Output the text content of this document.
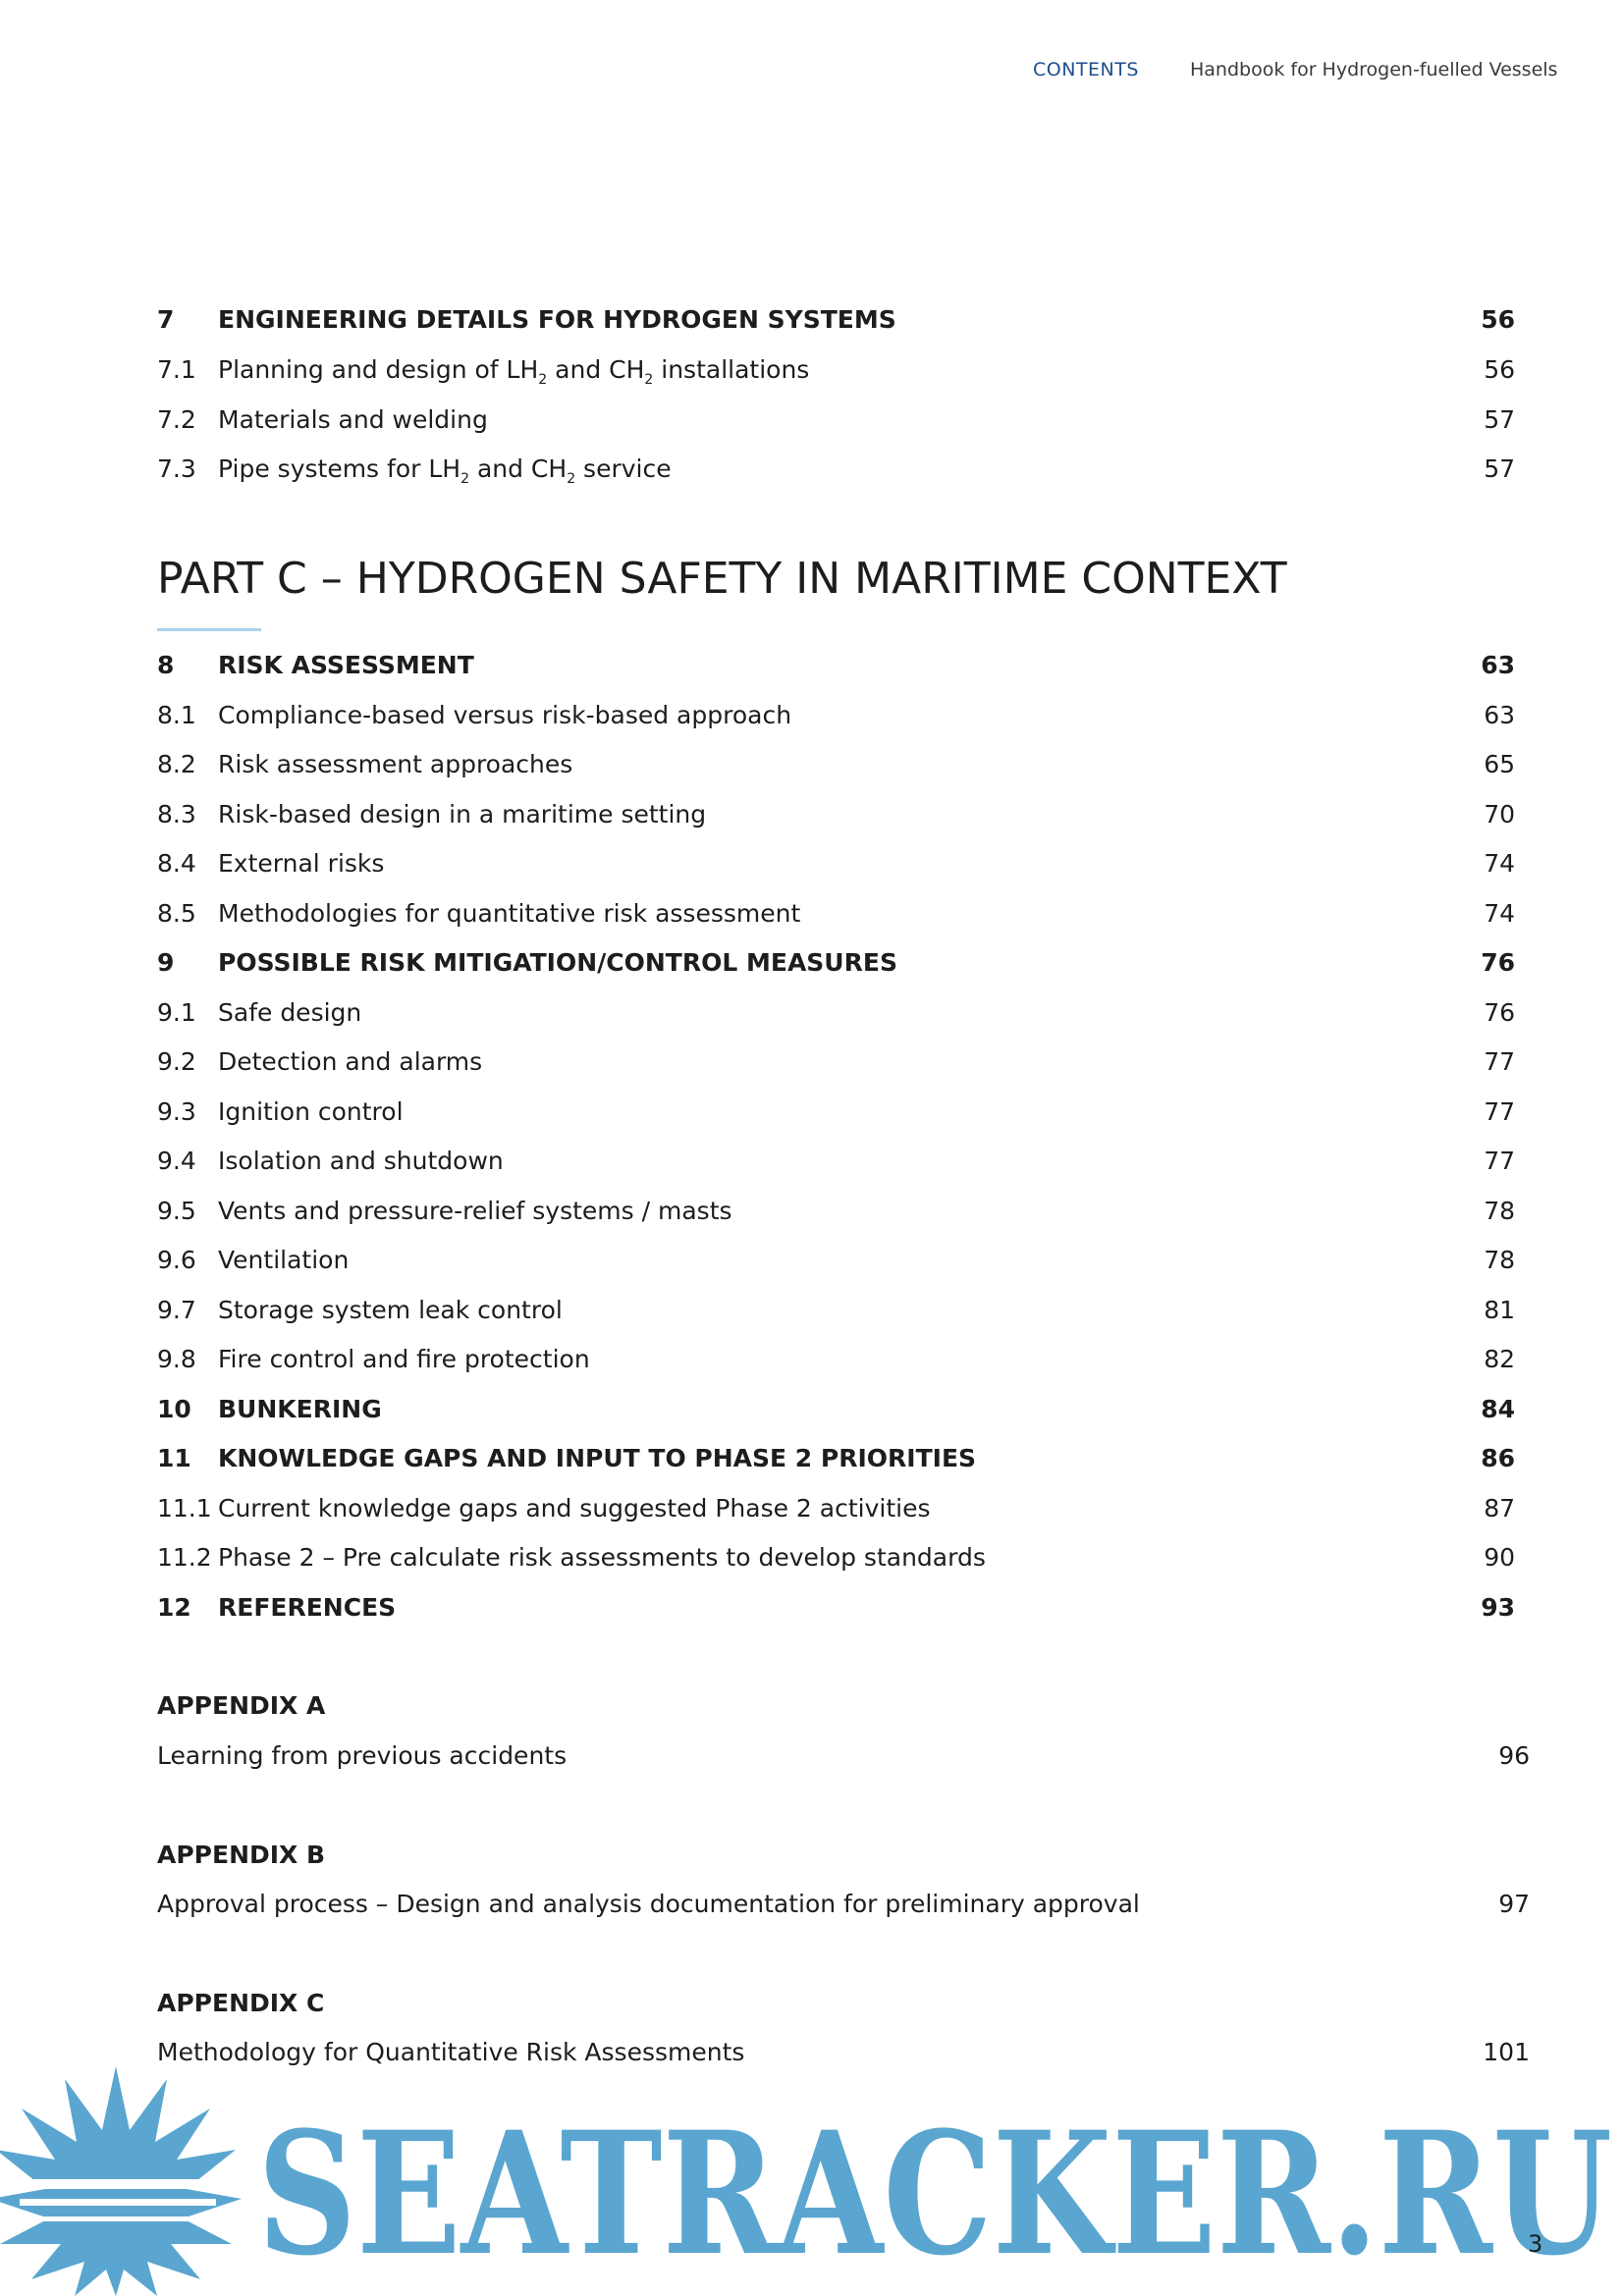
CONTENTS	Handbook for Hydrogen-fuelled Vessels
7 ENGINEERING DETAILS FOR HYDROGEN SYSTEMS	56
7.1 Planning and design of $LH_2$ and $CH_2$ installations	56
7.2 Materials and welding	57
7.3 Pipe systems for $LH_2$ and $CH_2$ service	57
PART C – HYDROGEN SAFETY IN MARITIME CONTEXT
8 RISK ASSESSMENT	63
8.1 Compliance-based versus risk-based approach	63
8.2 Risk assessment approaches	65
8.3 Risk-based design in a maritime setting	70
8.4 External risks	74
8.5 Methodologies for quantitative risk assessment	74
9 POSSIBLE RISK MITIGATION/CONTROL MEASURES	76
9.1 Safe design	76
9.2 Detection and alarms	77
9.3 Ignition control	77
9.4 Isolation and shutdown	77
9.5 Vents and pressure-relief systems / masts	78
9.6 Ventilation	78
9.7 Storage system leak control	81
9.8 Fire control and fire protection	82
10 BUNKERING	84
11 KNOWLEDGE GAPS AND INPUT TO PHASE 2 PRIORITIES	86
11.1 Current knowledge gaps and suggested Phase 2 activities	87
11.2 Phase 2 – Pre calculate risk assessments to develop standards	90
12 REFERENCES	93
APPENDIX A
Learning from previous accidents	96
APPENDIX B
Approval process – Design and analysis documentation for preliminary approval	97
APPENDIX C
Methodology for Quantitative Risk Assessments	101
SEATRACKER.RU
3
